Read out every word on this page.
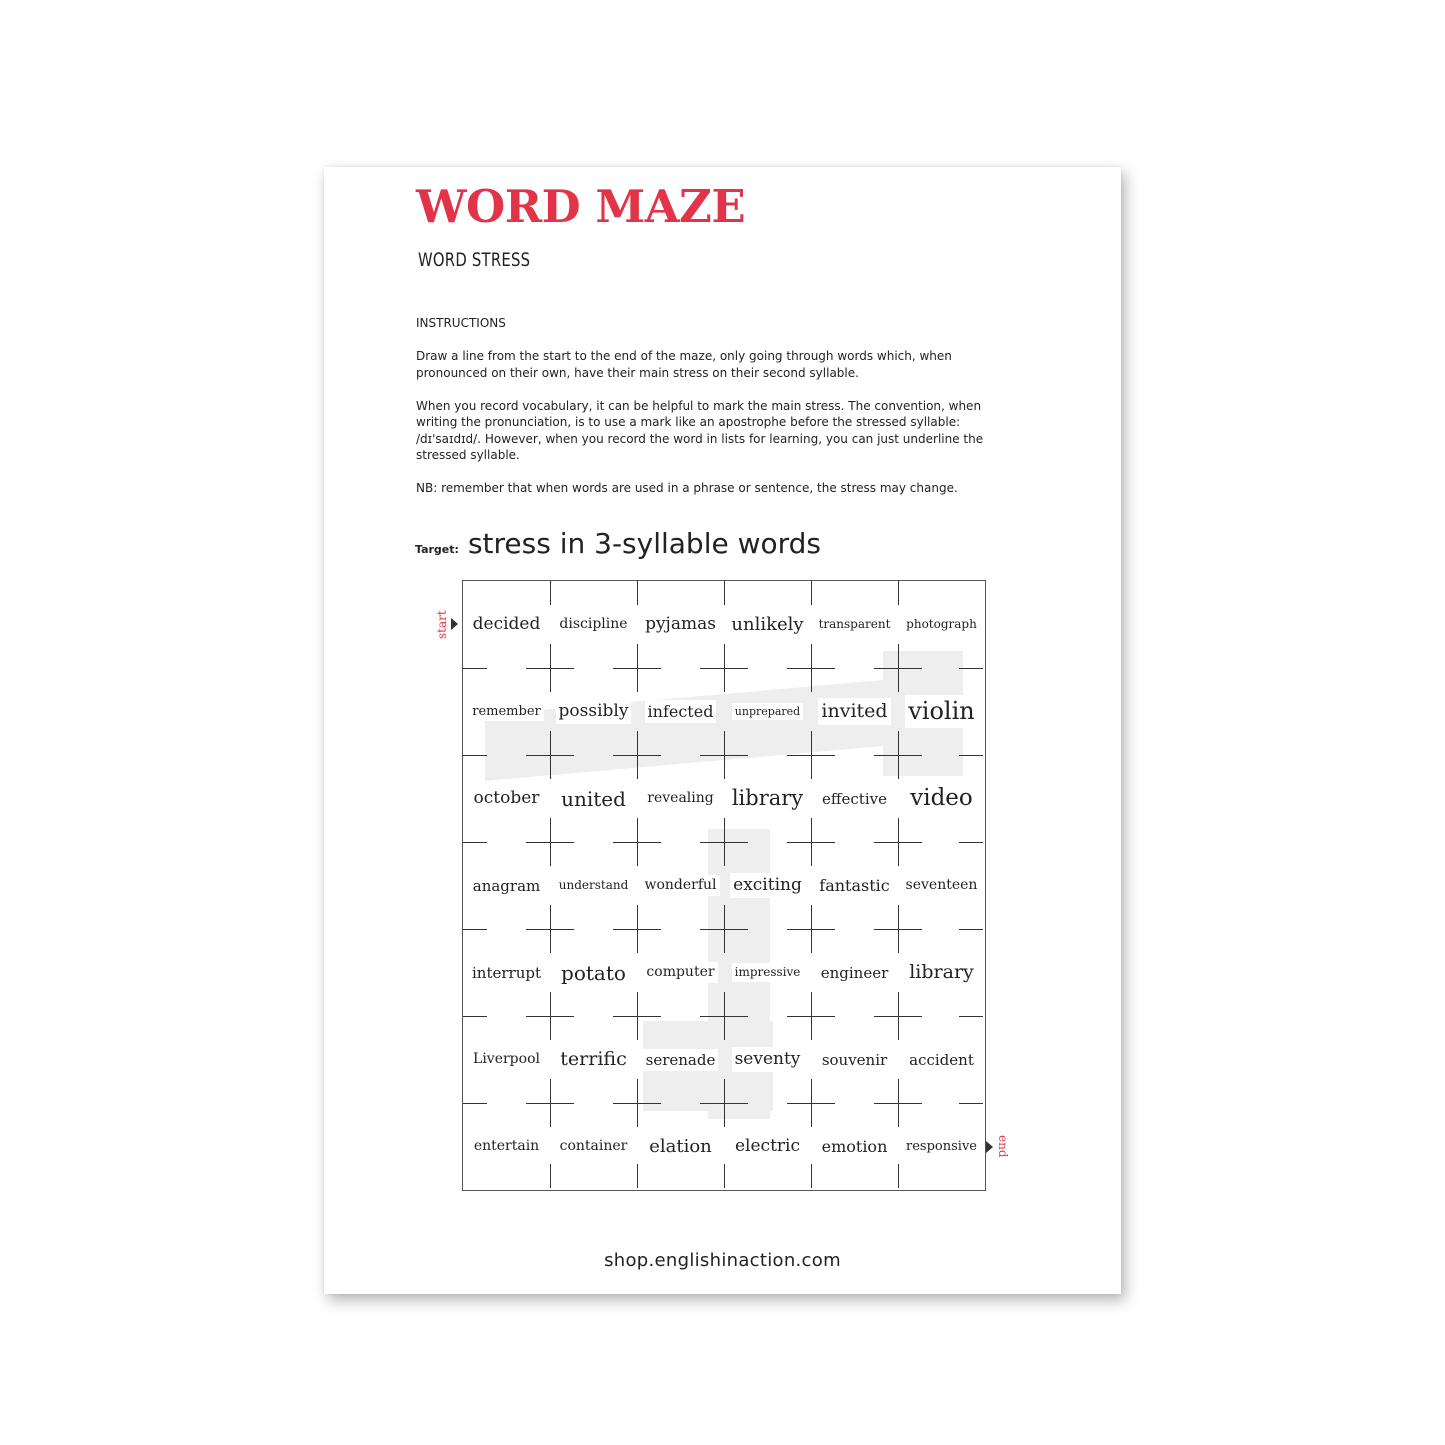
WORD MAZE
WORD STRESS

INSTRUCTIONS

Draw a line from the start to the end of the maze, only going through words which, when pronounced on their own, have their main stress on their second syllable.

When you record vocabulary, it can be helpful to mark the main stress. The convention, when writing the pronunciation, is to use a mark like an apostrophe before the stressed syllable: /dɪ'saɪdɪd/. However, when you record the word in lists for learning, you can just underline the stressed syllable.

NB: remember that when words are used in a phrase or sentence, the stress may change.

Target: stress in 3-syllable words
start decided discipline pyjamas unlikely transparent photograph
remember possibly infected unprepared invited violin
october united revealing library effective video
anagram understand wonderful exciting fantastic seventeen
interrupt potato computer impressive engineer library
Liverpool terrific serenade seventy souvenir accident
entertain container elation electric emotion responsive end
shop.englishinaction.com
